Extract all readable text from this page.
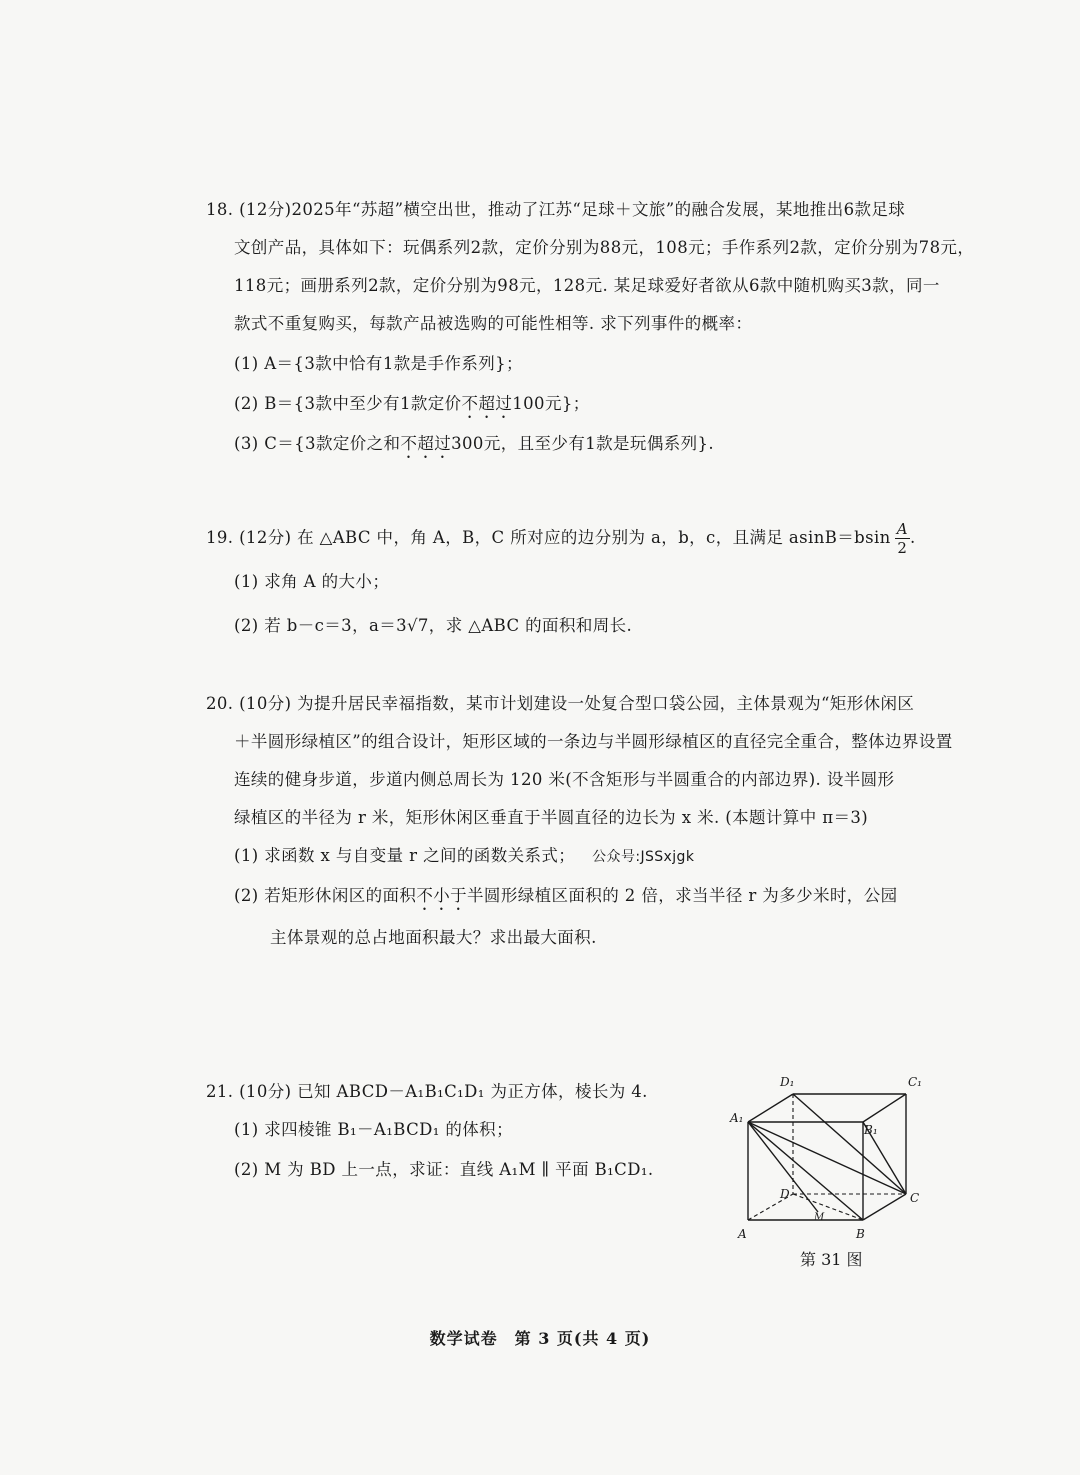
18. (12分)2025年“苏超”横空出世，推动了江苏“足球＋文旅”的融合发展，某地推出6款足球
文创产品，具体如下：玩偶系列2款，定价分别为88元，108元；手作系列2款，定价分别为78元，
118元；画册系列2款，定价分别为98元，128元. 某足球爱好者欲从6款中随机购买3款，同一
款式不重复购买，每款产品被选购的可能性相等. 求下列事件的概率：
(1) A＝{3款中恰有1款是手作系列}；
(2) B＝{3款中至少有1款定价不超过100元}；
(3) C＝{3款定价之和不超过300元，且至少有1款是玩偶系列}.
19. (12分) 在 △ABC 中，角 A，B，C 所对应的边分别为 a，b，c，且满足 $asinB=bsin \frac{A}{2}$ .
(1) 求角 A 的大小；
(2) 若 b－c＝3，a＝3√7，求 △ABC 的面积和周长.
20. (10分) 为提升居民幸福指数，某市计划建设一处复合型口袋公园，主体景观为“矩形休闲区
＋半圆形绿植区”的组合设计，矩形区域的一条边与半圆形绿植区的直径完全重合，整体边界设置
连续的健身步道，步道内侧总周长为 120 米(不含矩形与半圆重合的内部边界). 设半圆形
绿植区的半径为 r 米，矩形休闲区垂直于半圆直径的边长为 x 米. (本题计算中 π＝3)
(1) 求函数 x 与自变量 r 之间的函数关系式； 公众号:JSSxjgk
(2) 若矩形休闲区的面积不小于半圆形绿植区面积的 2 倍，求当半径 r 为多少米时，公园
主体景观的总占地面积最大？求出最大面积.
21. (10分) 已知 ABCD－A₁B₁C₁D₁ 为正方体，棱长为 4.
(1) 求四棱锥 B₁－A₁BCD₁ 的体积；
(2) M 为 BD 上一点，求证：直线 A₁M ∥ 平面 B₁CD₁.
A₁
D₁	C₁
B₁
C
D
A	B
M
第 31 图
数学试卷　第 3 页(共 4 页)
